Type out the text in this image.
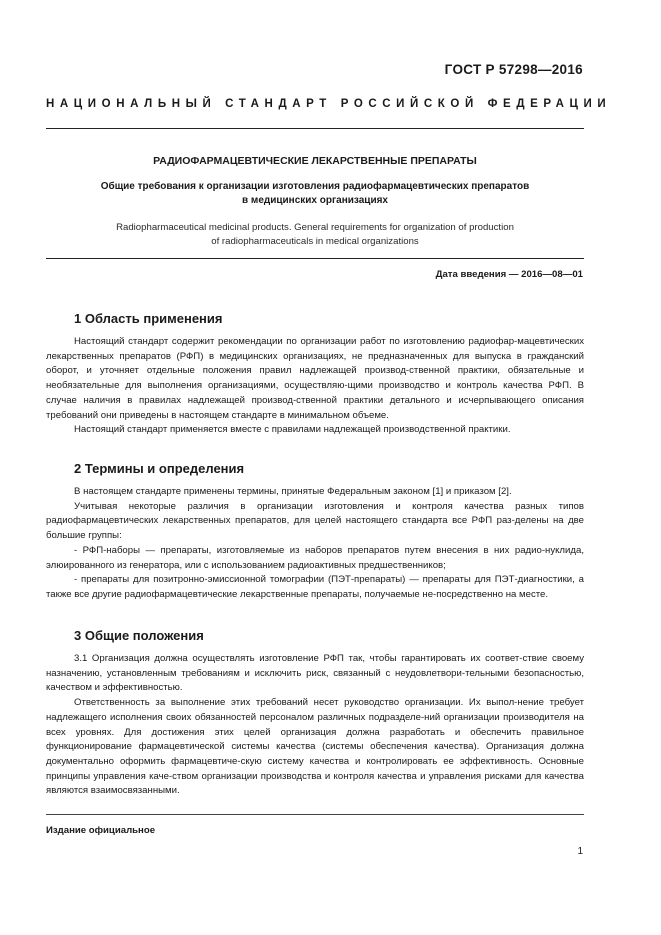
ГОСТ Р 57298—2016
НАЦИОНАЛЬНЫЙ СТАНДАРТ РОССИЙСКОЙ ФЕДЕРАЦИИ
РАДИОФАРМАЦЕВТИЧЕСКИЕ ЛЕКАРСТВЕННЫЕ ПРЕПАРАТЫ
Общие требования к организации изготовления радиофармацевтических препаратов
в медицинских организациях
Radiopharmaceutical medicinal products. General requirements for organization of production
of radiopharmaceuticals in medical organizations
Дата введения — 2016—08—01
1 Область применения

Настоящий стандарт содержит рекомендации по организации работ по изготовлению радиофар-мацевтических лекарственных препаратов (РФП) в медицинских организациях, не предназначенных для выпуска в гражданский оборот, и уточняет отдельные положения правил надлежащей производ-ственной практики, обязательные и необязательные для выполнения организациями, осуществляю-щими производство и контроль качества РФП. В случае наличия в правилах надлежащей производ-ственной практики детального и исчерпывающего описания требований они приведены в настоящем стандарте в минимальном объеме.

Настоящий стандарт применяется вместе с правилами надлежащей производственной практики.

2 Термины и определения

В настоящем стандарте применены термины, принятые Федеральным законом [1] и приказом [2].

Учитывая некоторые различия в организации изготовления и контроля качества разных типов радиофармацевтических лекарственных препаратов, для целей настоящего стандарта все РФП раз-делены на две большие группы:

- РФП-наборы — препараты, изготовляемые из наборов препаратов путем внесения в них радио-нуклида, элюированного из генератора, или с использованием радиоактивных предшественников;

- препараты для позитронно-эмиссионной томографии (ПЭТ-препараты) — препараты для ПЭТ-диагностики, а также все другие радиофармацевтические лекарственные препараты, получаемые не-посредственно на месте.

3 Общие положения

3.1 Организация должна осуществлять изготовление РФП так, чтобы гарантировать их соответ-ствие своему назначению, установленным требованиям и исключить риск, связанный с неудовлетвори-тельными безопасностью, качеством и эффективностью.

Ответственность за выполнение этих требований несет руководство организации. Их выпол-нение требует надлежащего исполнения своих обязанностей персоналом различных подразделе-ний организации производителя на всех уровнях. Для достижения этих целей организация должна разработать и обеспечить правильное функционирование фармацевтической системы качества (системы обеспечения качества). Организация должна документально оформить фармацевтиче-скую систему качества и контролировать ее эффективность. Основные принципы управления каче-ством организации производства и контроля качества и управления рисками для качества являются взаимосвязанными.

Издание официальное
1
